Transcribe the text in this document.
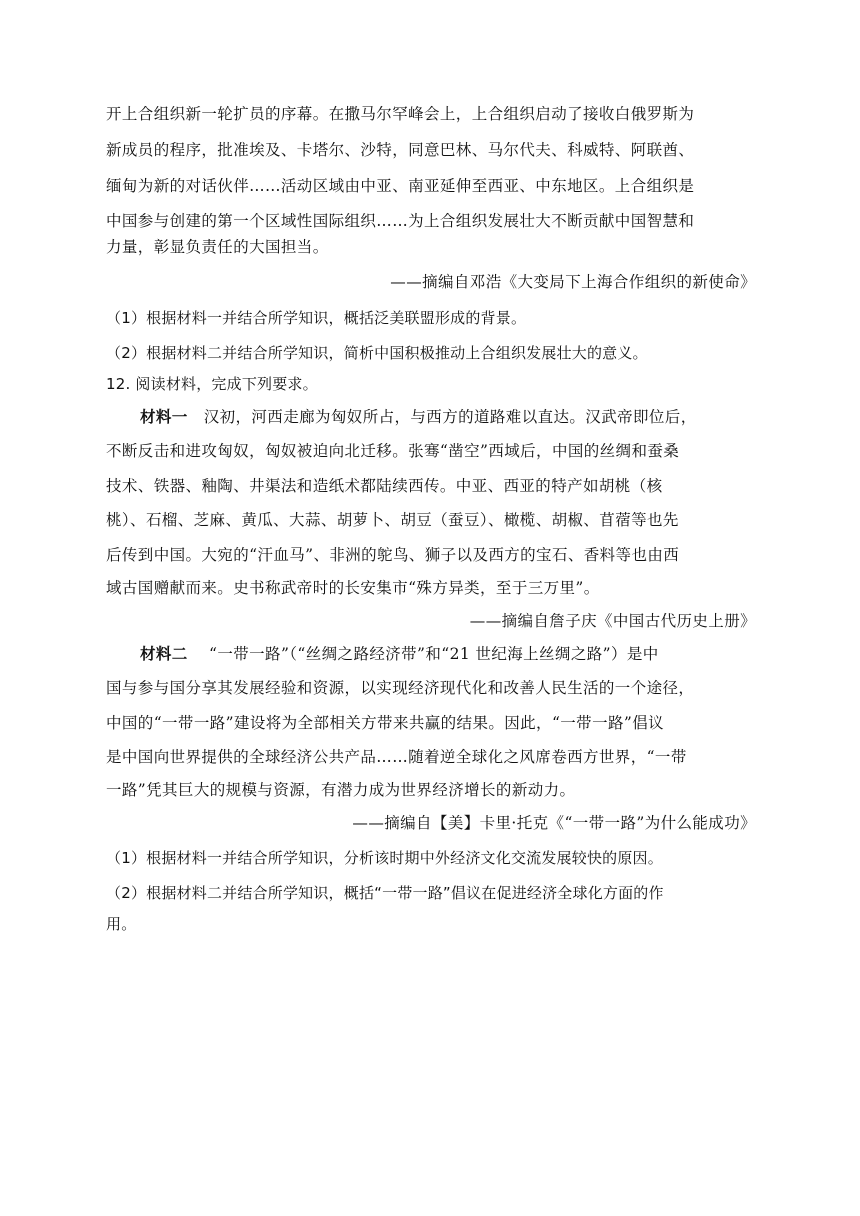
开上合组织新一轮扩员的序幕。在撒马尔罕峰会上，上合组织启动了接收白俄罗斯为
新成员的程序，批准埃及、卡塔尔、沙特，同意巴林、马尔代夫、科威特、阿联酋、
缅甸为新的对话伙伴……活动区域由中亚、南亚延伸至西亚、中东地区。上合组织是
中国参与创建的第一个区域性国际组织……为上合组织发展壮大不断贡献中国智慧和
力量，彰显负责任的大国担当。
——摘编自邓浩《大变局下上海合作组织的新使命》
（1）根据材料一并结合所学知识，概括泛美联盟形成的背景。
（2）根据材料二并结合所学知识，简析中国积极推动上合组织发展壮大的意义。
12. 阅读材料，完成下列要求。
材料一 汉初，河西走廊为匈奴所占，与西方的道路难以直达。汉武帝即位后，
不断反击和进攻匈奴，匈奴被迫向北迁移。张骞“凿空”西域后，中国的丝绸和蚕桑
技术、铁器、釉陶、井渠法和造纸术都陆续西传。中亚、西亚的特产如胡桃（核
桃）、石榴、芝麻、黄瓜、大蒜、胡萝卜、胡豆（蚕豆）、橄榄、胡椒、苜蓿等也先
后传到中国。大宛的“汗血马”、非洲的鸵鸟、狮子以及西方的宝石、香料等也由西
域古国赠献而来。史书称武帝时的长安集市“殊方异类，至于三万里”。
——摘编自詹子庆《中国古代历史上册》
材料二 “一带一路”（“丝绸之路经济带”和“21 世纪海上丝绸之路”）是中
国与参与国分享其发展经验和资源，以实现经济现代化和改善人民生活的一个途径，
中国的“一带一路”建设将为全部相关方带来共赢的结果。因此，“一带一路”倡议
是中国向世界提供的全球经济公共产品……随着逆全球化之风席卷西方世界，“一带
一路”凭其巨大的规模与资源，有潜力成为世界经济增长的新动力。
——摘编自【美】卡里·托克《“一带一路”为什么能成功》
（1）根据材料一并结合所学知识，分析该时期中外经济文化交流发展较快的原因。
（2）根据材料二并结合所学知识，概括“一带一路”倡议在促进经济全球化方面的作
用。
